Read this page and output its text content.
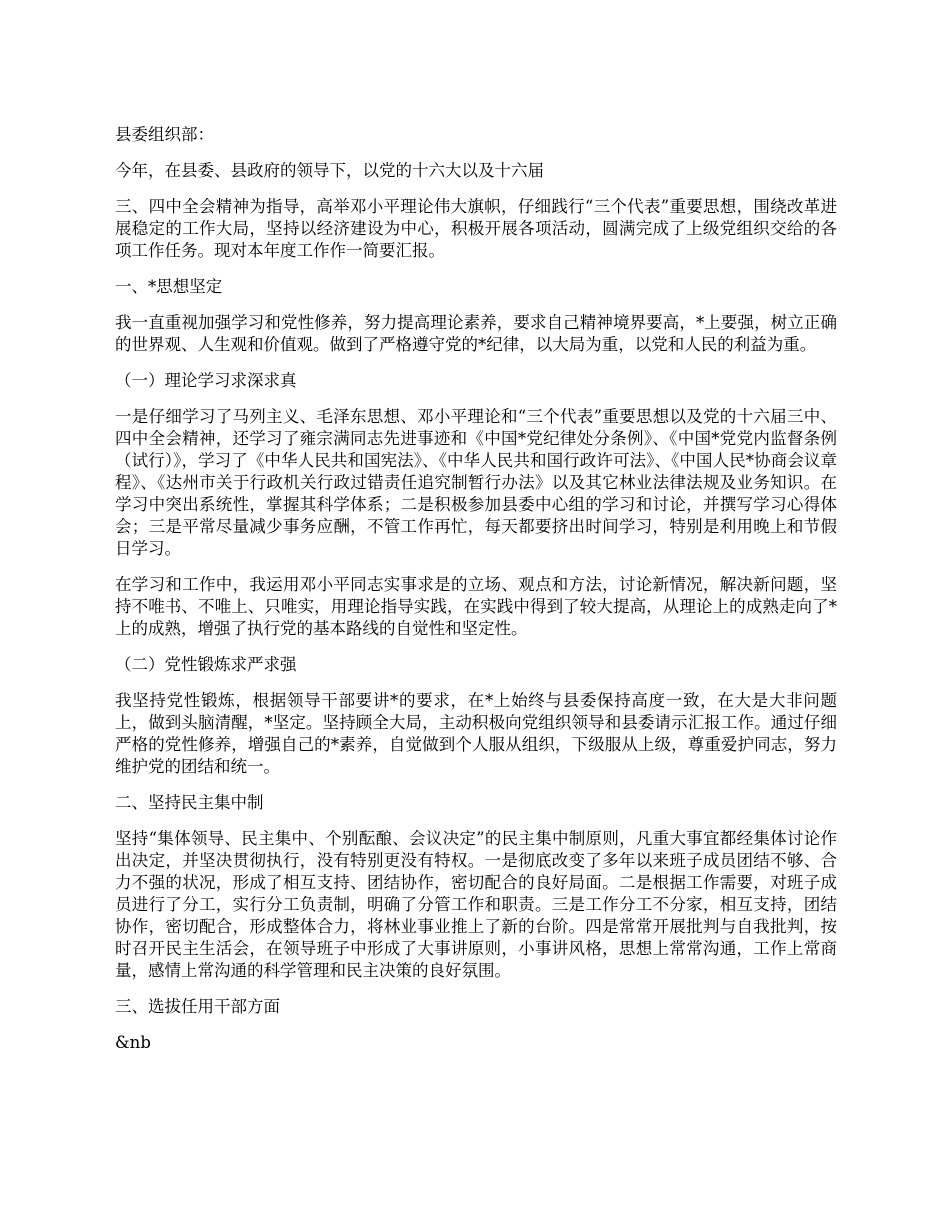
县委组织部：

今年，在县委、县政府的领导下，以党的十六大以及十六届

三、四中全会精神为指导，高举邓小平理论伟大旗帜，仔细践行“三个代表”重要思想，围绕改革进展稳定的工作大局，坚持以经济建设为中心，积极开展各项活动，圆满完成了上级党组织交给的各项工作任务。现对本年度工作作一简要汇报。

一、*思想坚定

我一直重视加强学习和党性修养，努力提高理论素养，要求自己精神境界要高，*上要强，树立正确的世界观、人生观和价值观。做到了严格遵守党的*纪律，以大局为重，以党和人民的利益为重。

（一）理论学习求深求真

一是仔细学习了马列主义、毛泽东思想、邓小平理论和“三个代表”重要思想以及党的十六届三中、四中全会精神，还学习了雍宗满同志先进事迹和《中国*党纪律处分条例》、《中国*党党内监督条例（试行）》，学习了《中华人民共和国宪法》、《中华人民共和国行政许可法》、《中国人民*协商会议章程》、《达州市关于行政机关行政过错责任追究制暂行办法》以及其它林业法律法规及业务知识。在学习中突出系统性，掌握其科学体系；二是积极参加县委中心组的学习和讨论，并撰写学习心得体会；三是平常尽量减少事务应酬，不管工作再忙，每天都要挤出时间学习，特别是利用晚上和节假日学习。

在学习和工作中，我运用邓小平同志实事求是的立场、观点和方法，讨论新情况，解决新问题，坚持不唯书、不唯上、只唯实，用理论指导实践，在实践中得到了较大提高，从理论上的成熟走向了*上的成熟，增强了执行党的基本路线的自觉性和坚定性。

（二）党性锻炼求严求强

我坚持党性锻炼，根据领导干部要讲*的要求，在*上始终与县委保持高度一致，在大是大非问题上，做到头脑清醒，*坚定。坚持顾全大局，主动积极向党组织领导和县委请示汇报工作。通过仔细严格的党性修养，增强自己的*素养，自觉做到个人服从组织，下级服从上级，尊重爱护同志，努力维护党的团结和统一。

二、坚持民主集中制

坚持“集体领导、民主集中、个别酝酿、会议决定”的民主集中制原则，凡重大事宜都经集体讨论作出决定，并坚决贯彻执行，没有特别更没有特权。一是彻底改变了多年以来班子成员团结不够、合力不强的状况，形成了相互支持、团结协作，密切配合的良好局面。二是根据工作需要，对班子成员进行了分工，实行分工负责制，明确了分管工作和职责。三是工作分工不分家，相互支持，团结协作，密切配合，形成整体合力，将林业事业推上了新的台阶。四是常常开展批判与自我批判，按时召开民主生活会，在领导班子中形成了大事讲原则，小事讲风格，思想上常常沟通，工作上常商量，感情上常沟通的科学管理和民主决策的良好氛围。

三、选拔任用干部方面

&nb
